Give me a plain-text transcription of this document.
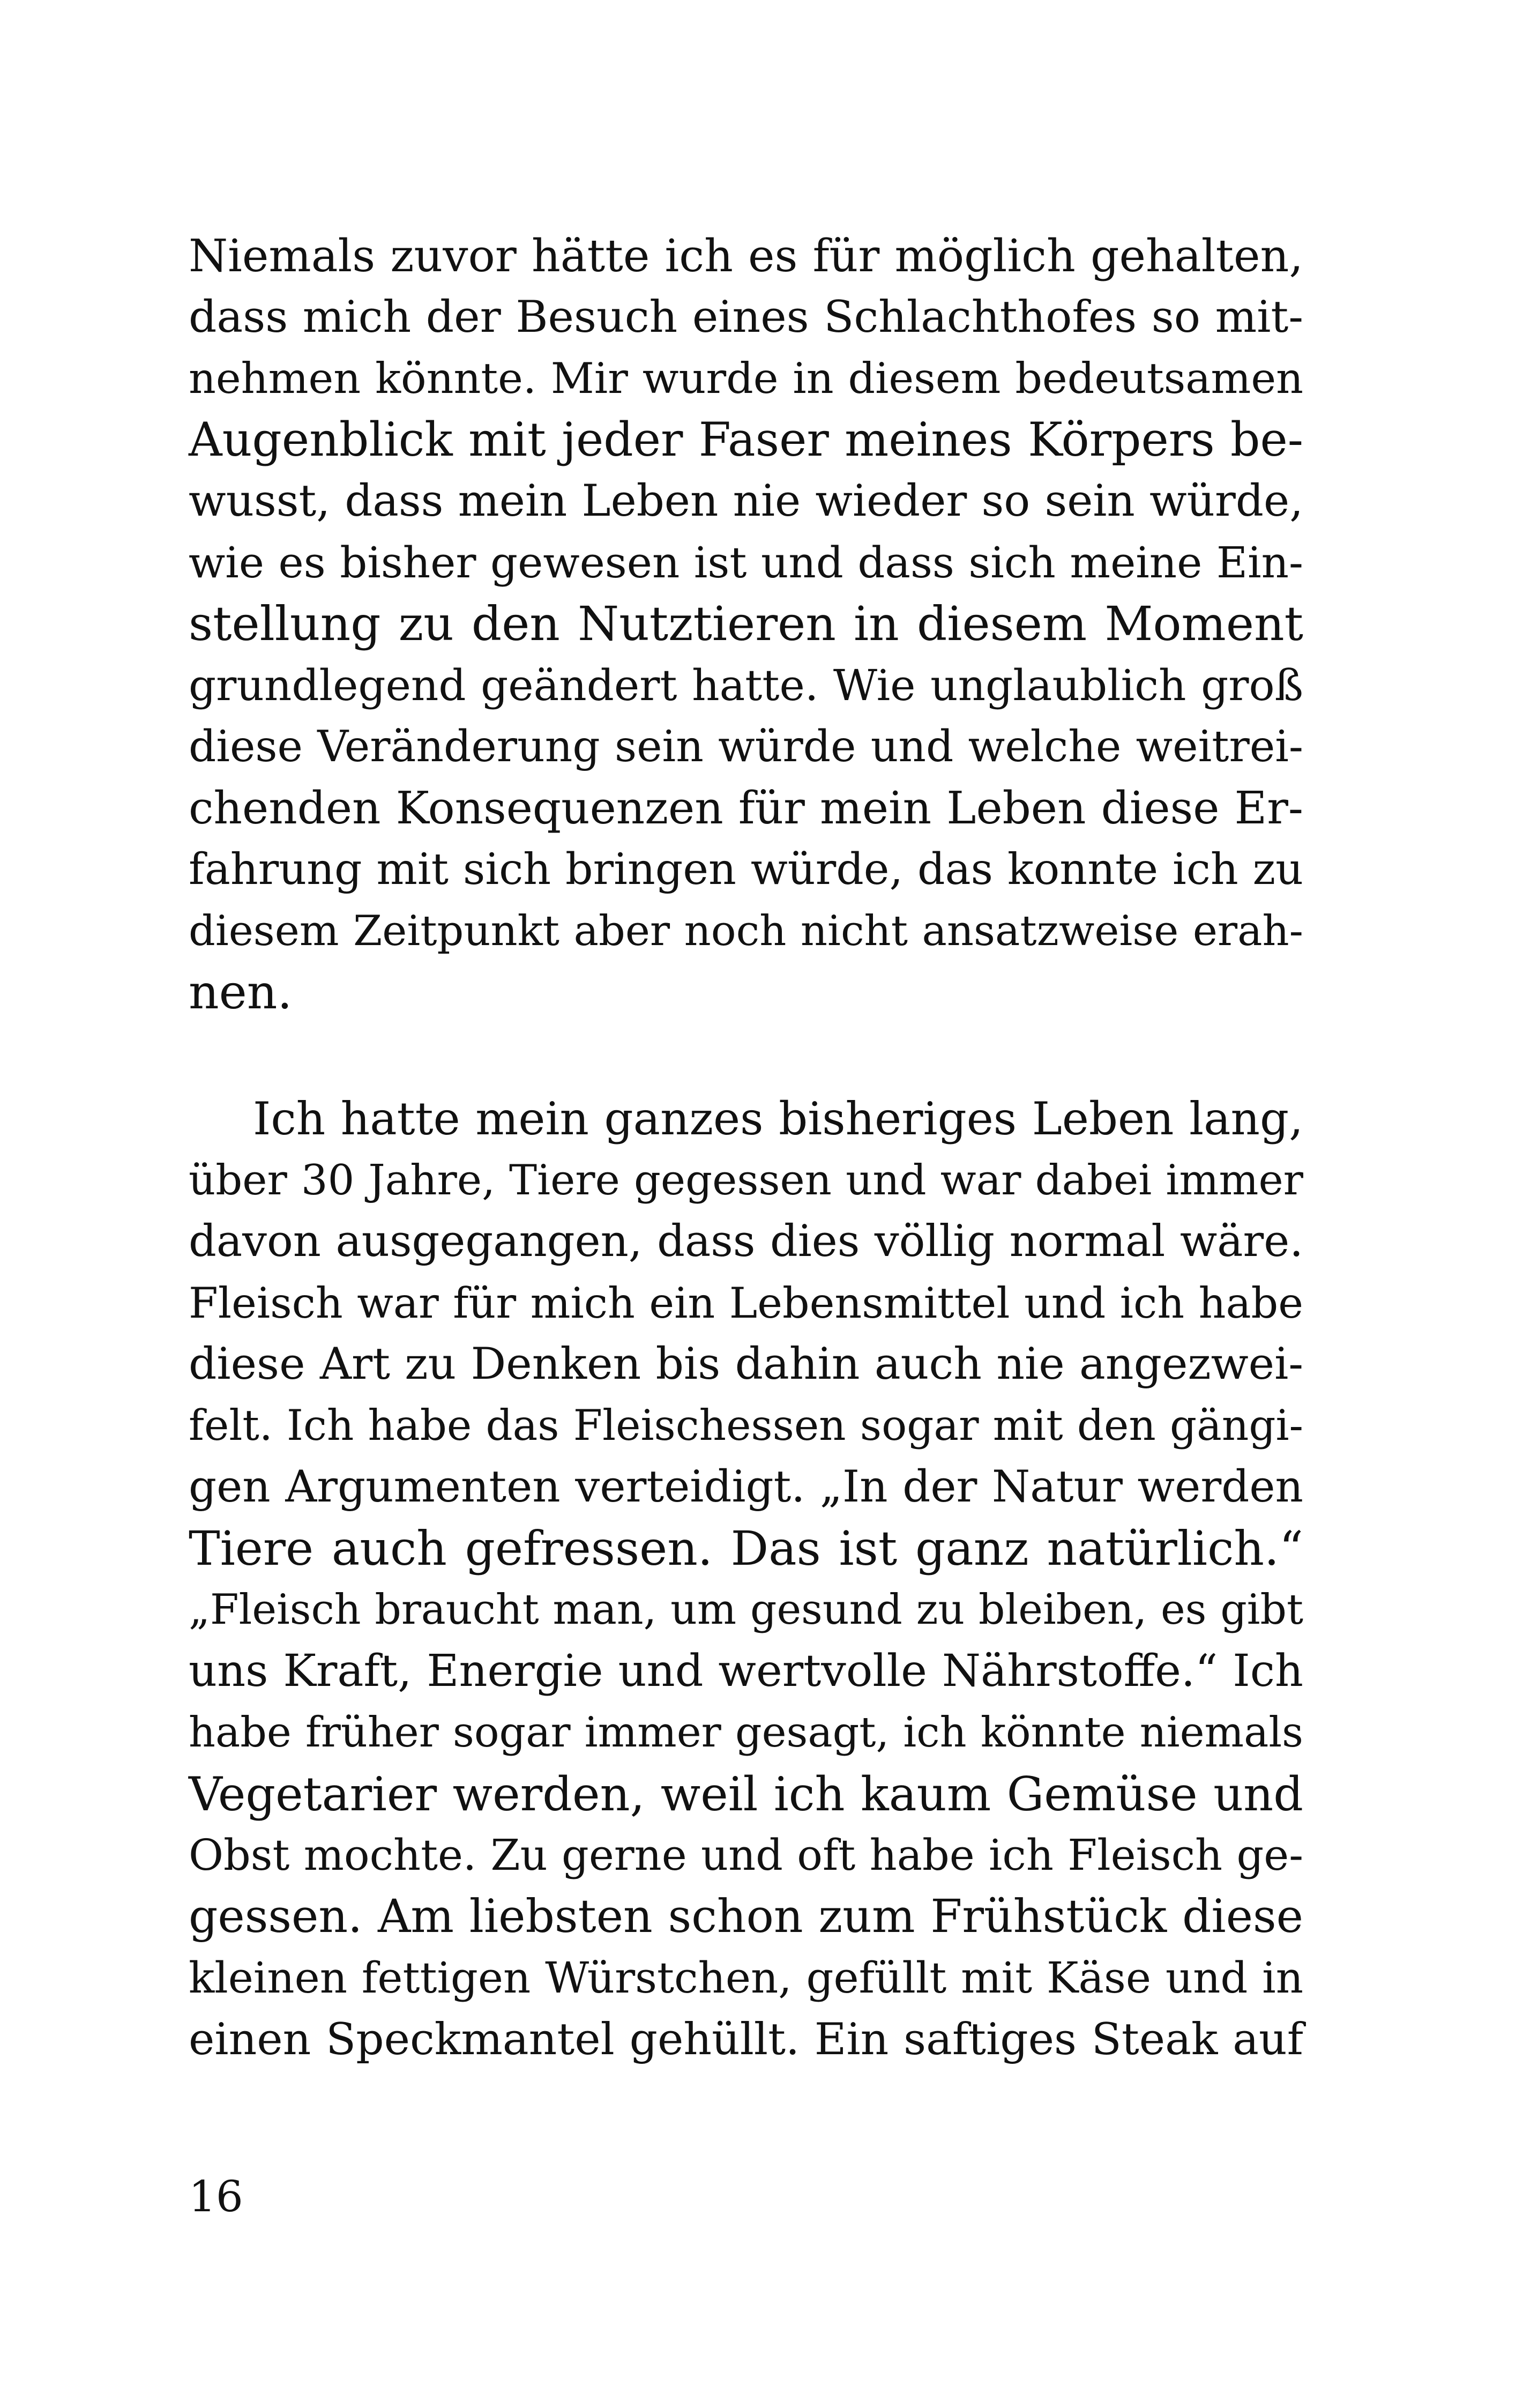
Niemals zuvor hätte ich es für möglich gehalten,
dass mich der Besuch eines Schlachthofes so mit-
nehmen könnte. Mir wurde in diesem bedeutsamen
Augenblick mit jeder Faser meines Körpers be-
wusst, dass mein Leben nie wieder so sein würde,
wie es bisher gewesen ist und dass sich meine Ein-
stellung zu den Nutztieren in diesem Moment
grundlegend geändert hatte. Wie unglaublich groß
diese Veränderung sein würde und welche weitrei-
chenden Konsequenzen für mein Leben diese Er-
fahrung mit sich bringen würde, das konnte ich zu
diesem Zeitpunkt aber noch nicht ansatzweise erah-
nen.
Ich hatte mein ganzes bisheriges Leben lang,
über 30 Jahre, Tiere gegessen und war dabei immer
davon ausgegangen, dass dies völlig normal wäre.
Fleisch war für mich ein Lebensmittel und ich habe
diese Art zu Denken bis dahin auch nie angezwei-
felt. Ich habe das Fleischessen sogar mit den gängi-
gen Argumenten verteidigt. „In der Natur werden
Tiere auch gefressen. Das ist ganz natürlich.“
„Fleisch braucht man, um gesund zu bleiben, es gibt
uns Kraft, Energie und wertvolle Nährstoffe.“ Ich
habe früher sogar immer gesagt, ich könnte niemals
Vegetarier werden, weil ich kaum Gemüse und
Obst mochte. Zu gerne und oft habe ich Fleisch ge-
gessen. Am liebsten schon zum Frühstück diese
kleinen fettigen Würstchen, gefüllt mit Käse und in
einen Speckmantel gehüllt. Ein saftiges Steak auf
16
